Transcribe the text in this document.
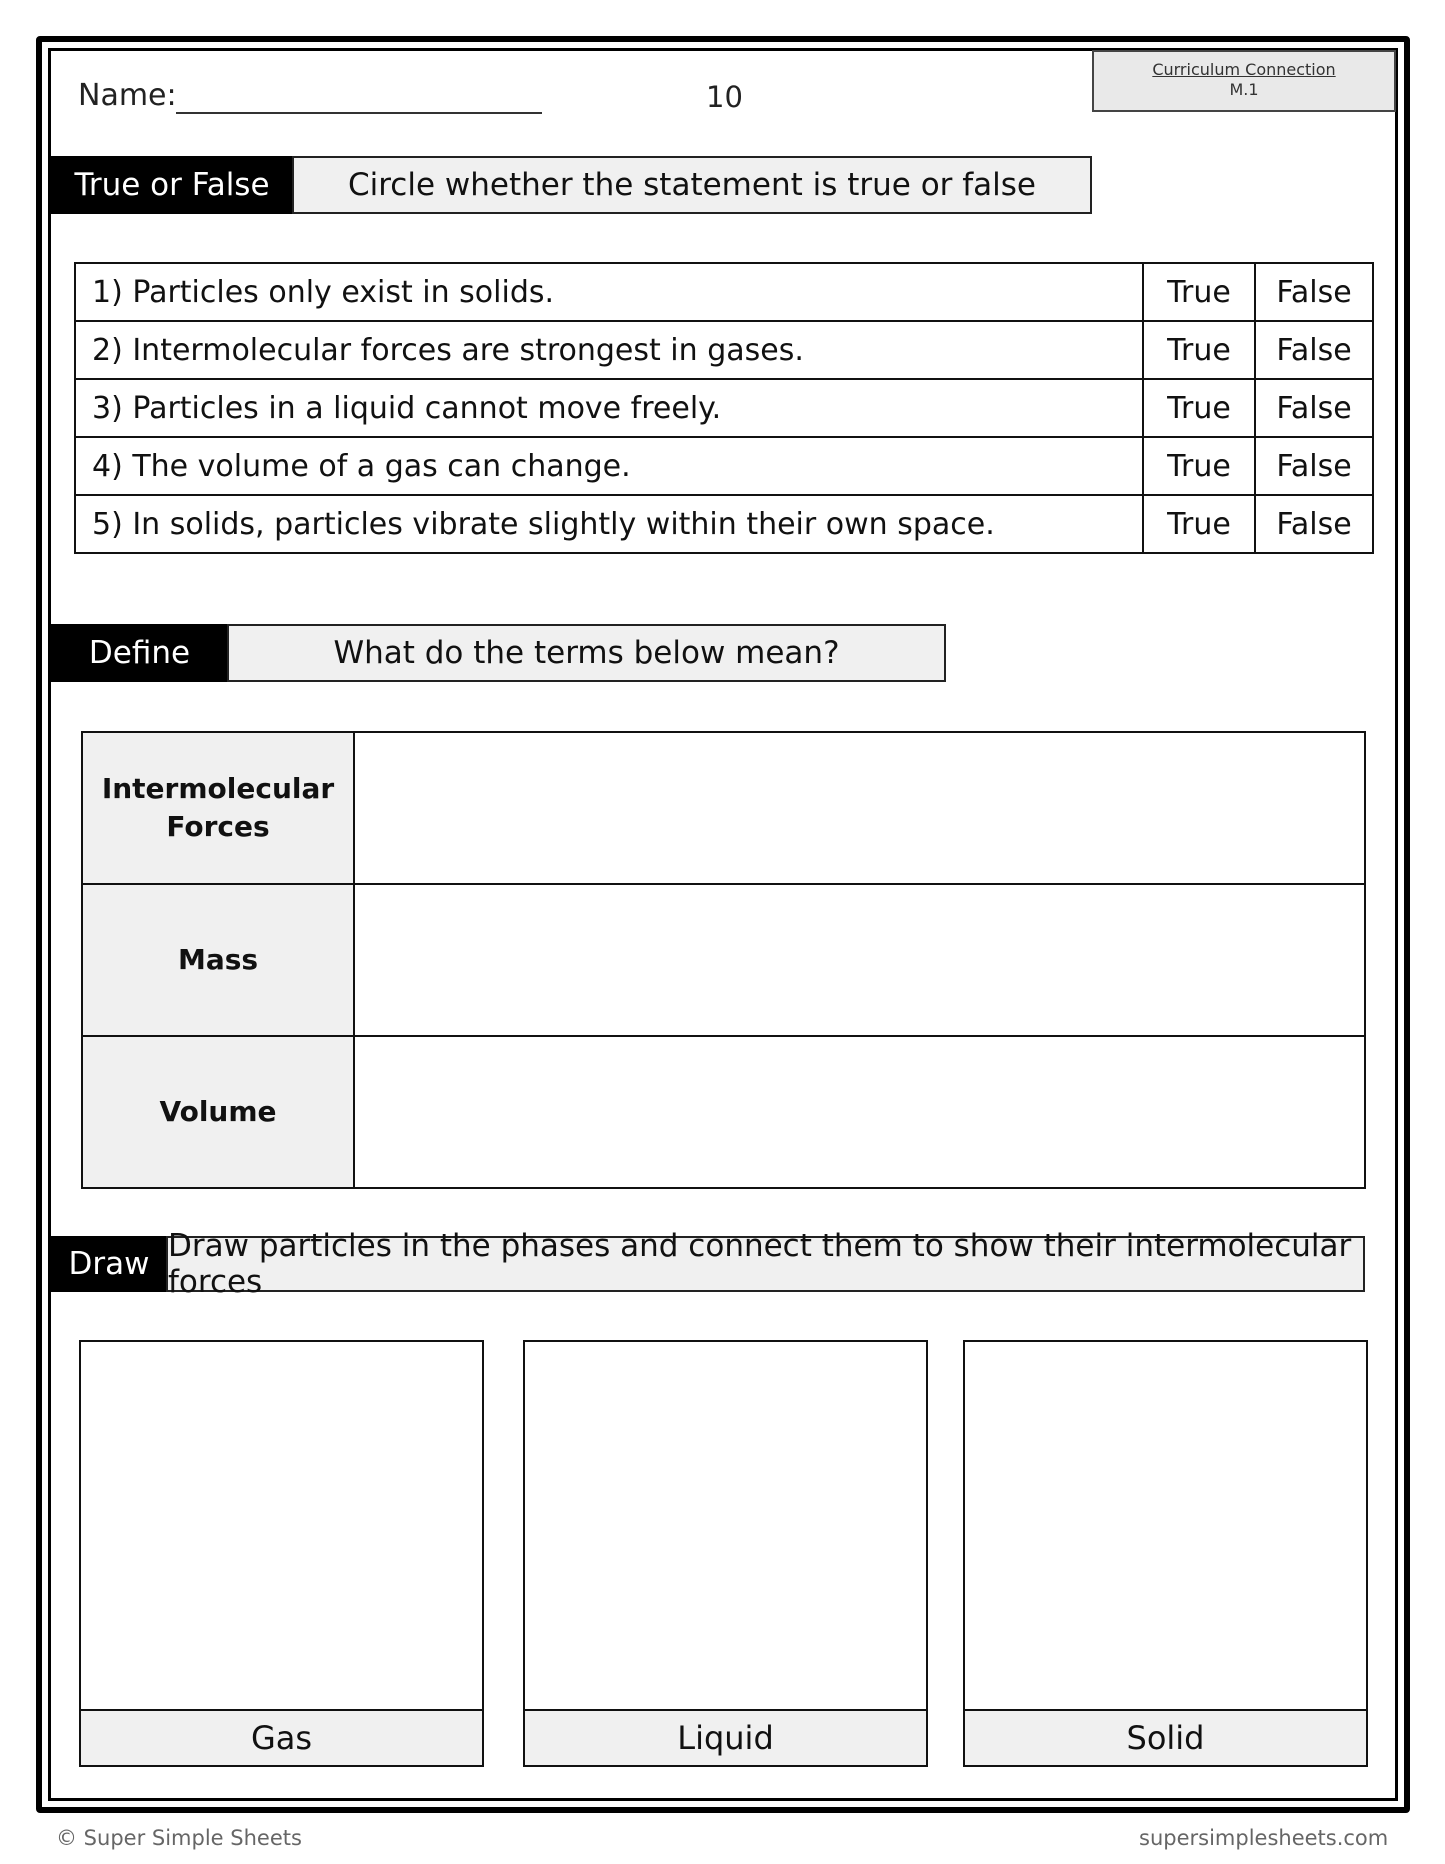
Name:	10
Curriculum Connection
M.1
True or False	Circle whether the statement is true or false
1) Particles only exist in solids.	True	False
2) Intermolecular forces are strongest in gases.	True	False
3) Particles in a liquid cannot move freely.	True	False
4) The volume of a gas can change.	True	False
5) In solids, particles vibrate slightly within their own space.	True	False
Define	What do the terms below mean?
Intermolecular
Forces	
Mass	
Volume	
Draw Draw particles in the phases and connect them to show their intermolecular forces
Gas	Liquid	Solid
© Super Simple Sheets	supersimplesheets.com
